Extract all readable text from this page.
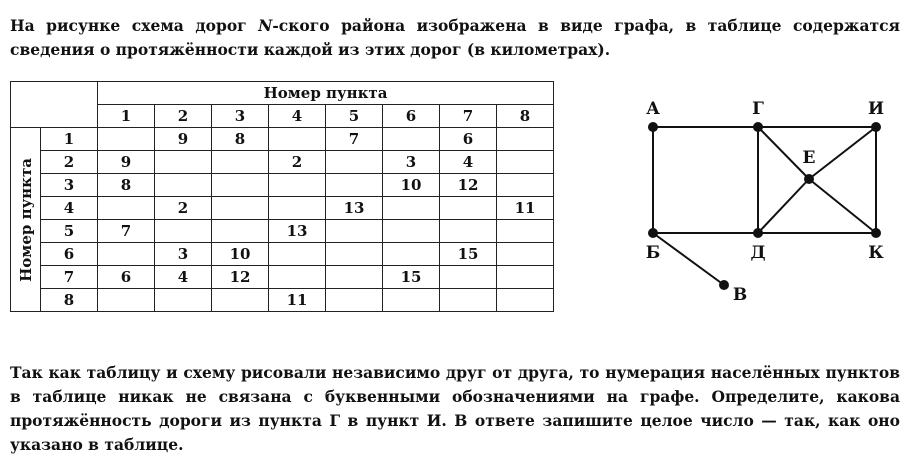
На рисунке схема дорог N-ского района изображена в виде графа, в таблице содержатся сведения о протяжённости каждой из этих дорог (в километрах).

		Номер пункта							
		1	2	3	4	5	6	7	8

Номер пункта	1		9	8		7		6	
	2	9			2		3	4	
	3	8					10	12	
	4		2			13			11
	5	7			13				
	6		3	10				15	
	7	6	4	12			15		
	8				11				
А	Г	И
Е
Б	Д	К
В

Так как таблицу и схему рисовали независимо друг от друга, то нумерация населённых пунктов в таблице никак не связана с буквенными обозначениями на графе. Определите, какова протяжённость дороги из пункта Г в пункт И. В ответе запишите целое число — так, как оно указано в таблице.
